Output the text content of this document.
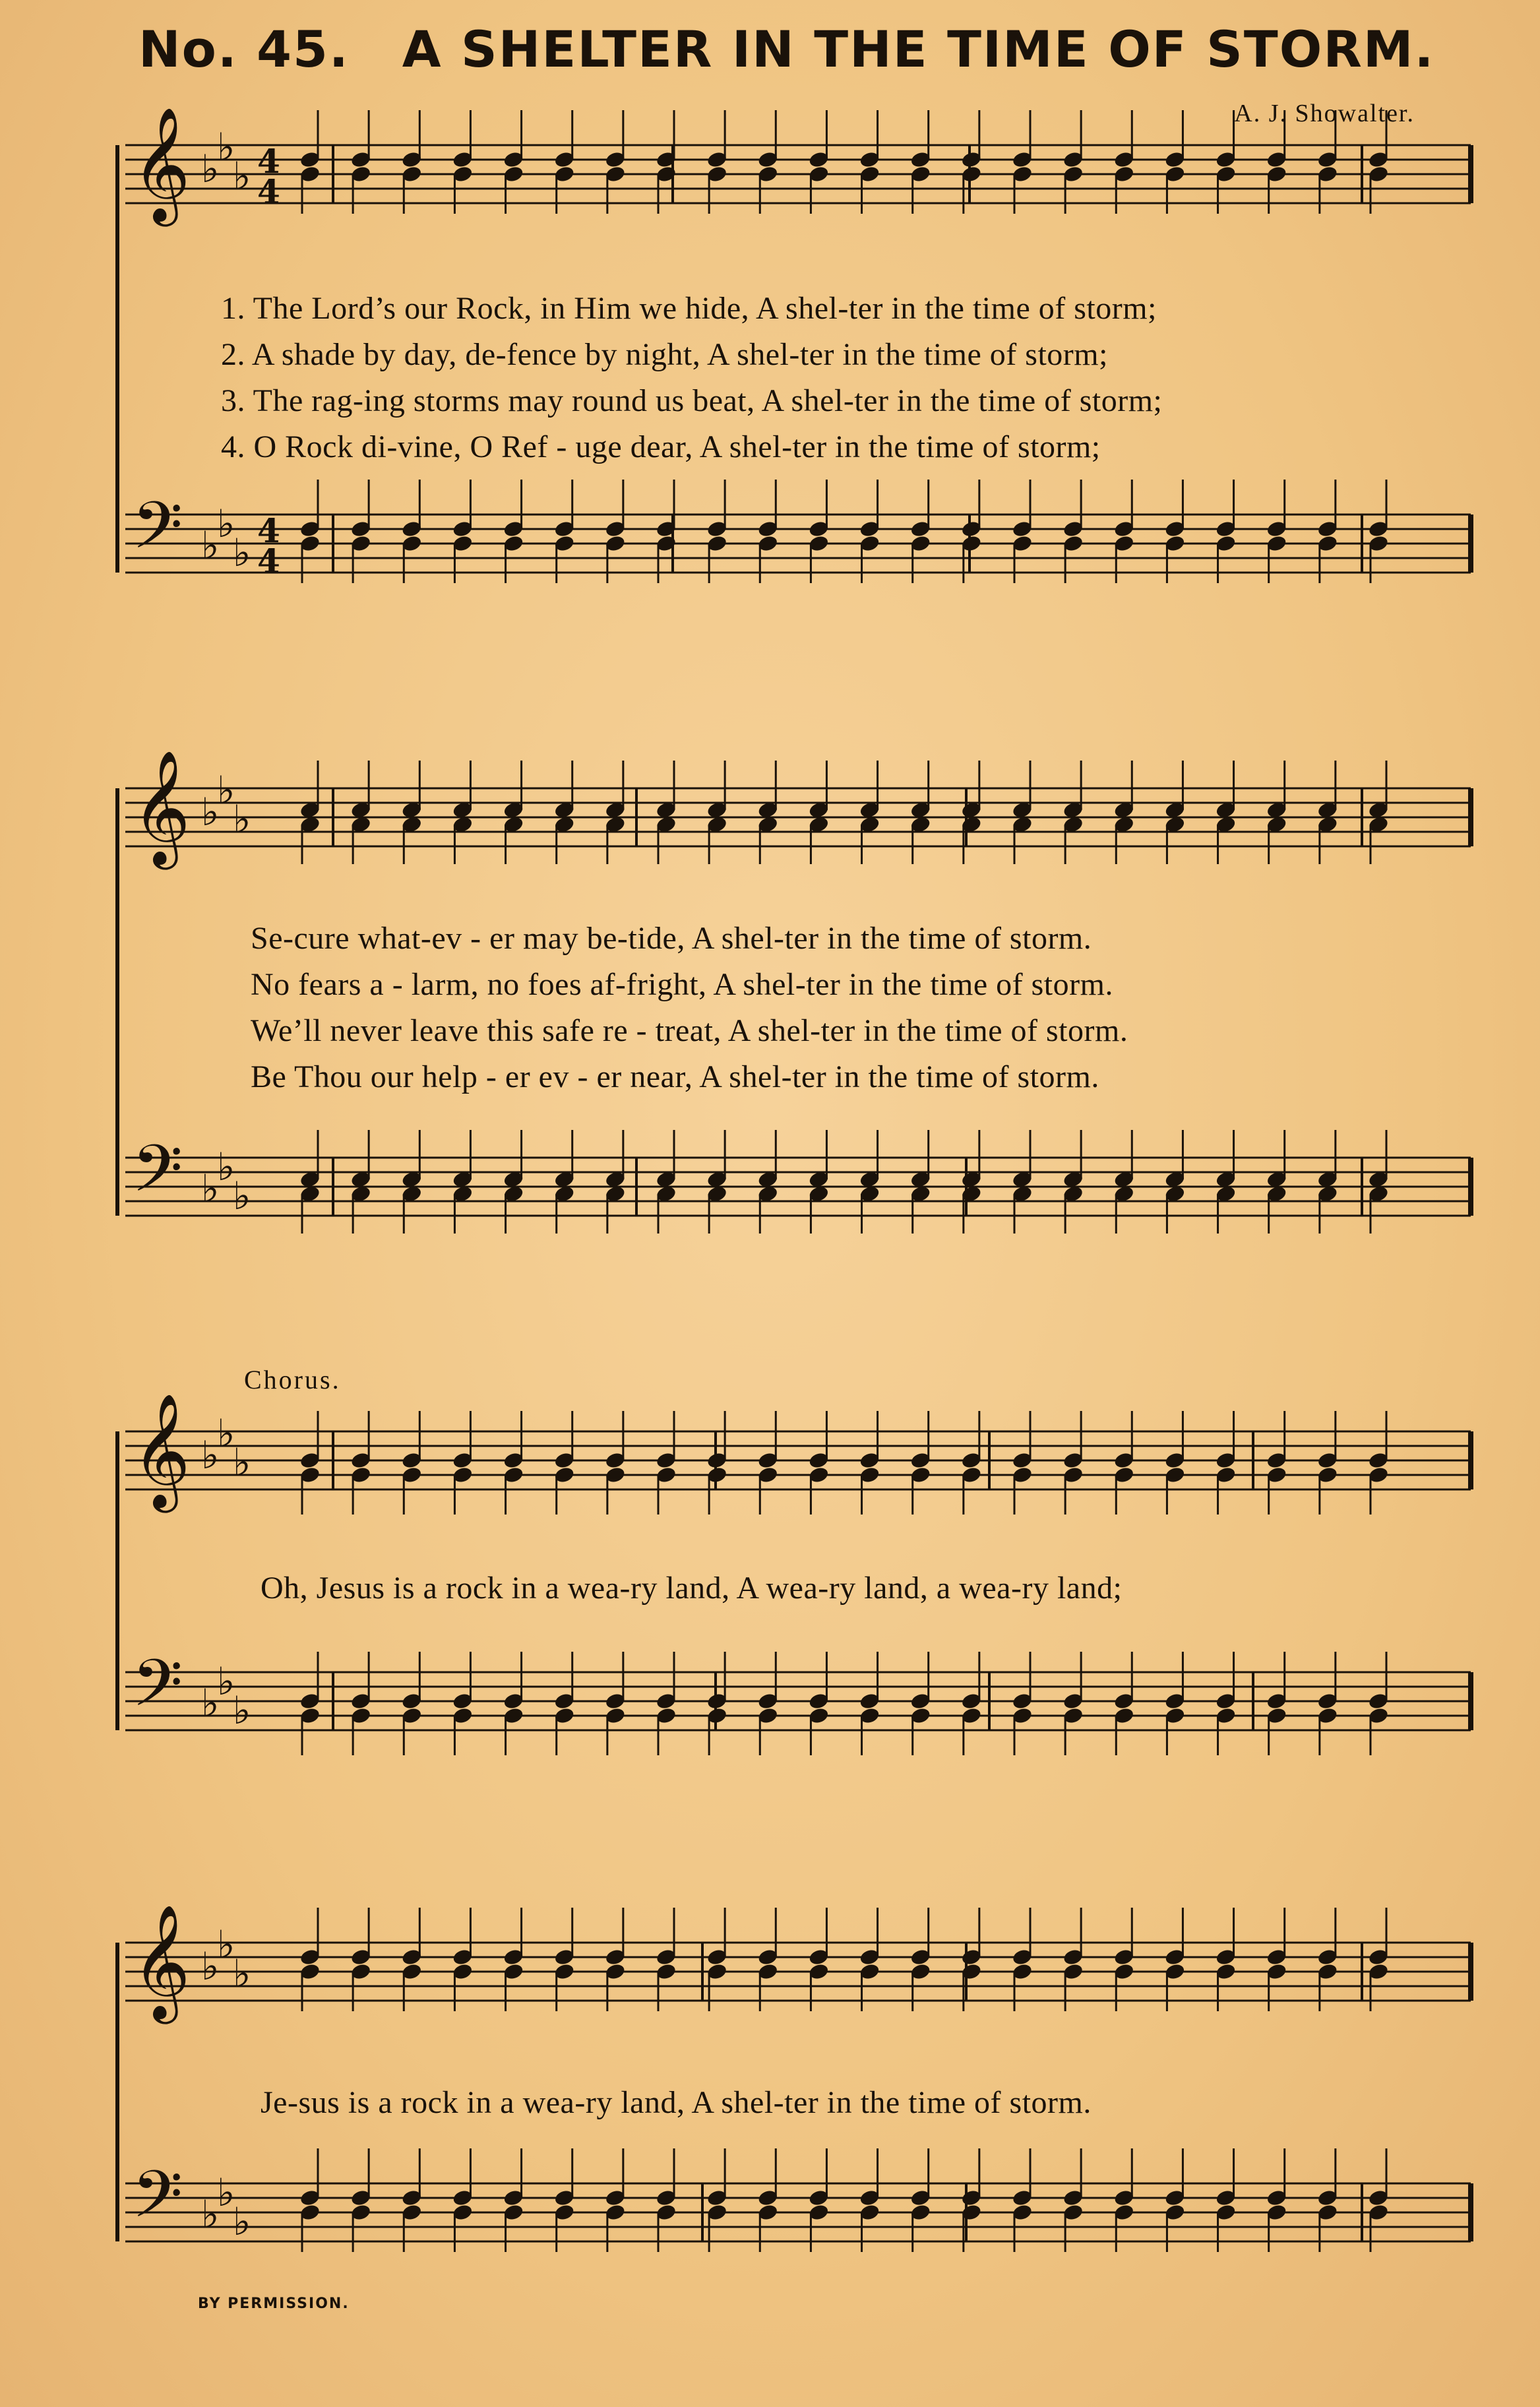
No. 45. A SHELTER IN THE TIME OF STORM.
A. J. Showalter.
𝄞
𝄢
♭
♭
♭
♭
♭
♭
4
4
4
4
1. The Lord’s our Rock, in Him we hide, A shel-ter in the time of storm;
2. A shade by day, de-fence by night, A shel-ter in the time of storm;
3. The rag-ing storms may round us beat, A shel-ter in the time of storm;
4. O Rock di-vine, O Ref - uge dear, A shel-ter in the time of storm;
𝄞
𝄢
♭
♭
♭
♭
♭
♭
Se-cure what-ev - er may be-tide, A shel-ter in the time of storm.
No fears a - larm, no foes af-fright, A shel-ter in the time of storm.
We’ll never leave this safe re - treat, A shel-ter in the time of storm.
Be Thou our help - er ev - er near, A shel-ter in the time of storm.
𝄞
𝄢
♭
♭
♭
♭
♭
♭
Chorus.
Oh, Jesus is a rock in a wea-ry land, A wea-ry land, a wea-ry land;
𝄞
𝄢
♭
♭
♭
♭
♭
♭
Je-sus is a rock in a wea-ry land, A shel-ter in the time of storm.
BY PERMISSION.
